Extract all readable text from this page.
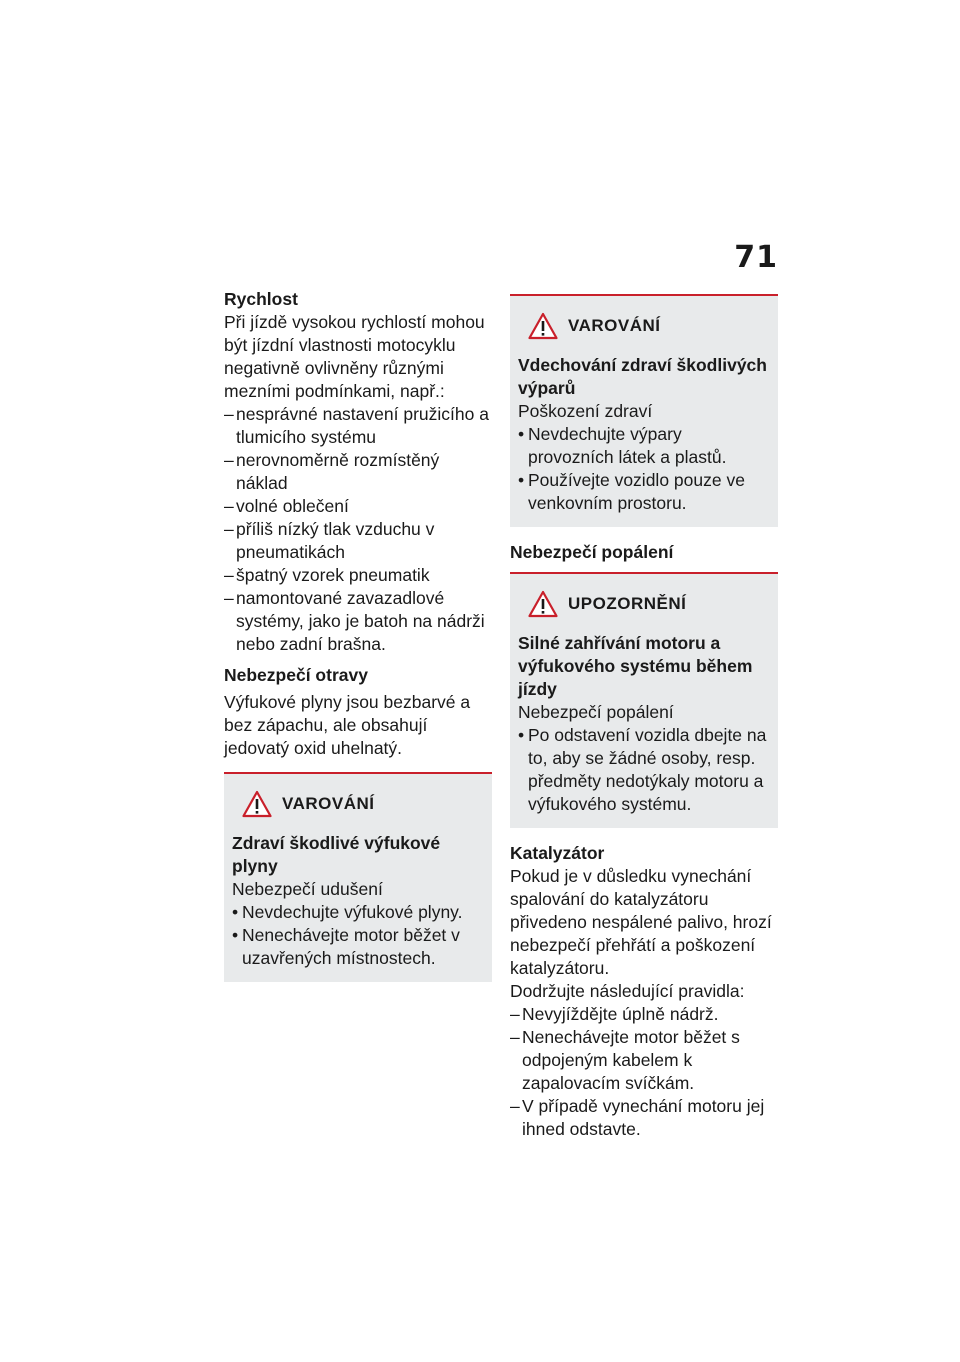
71

Rychlost

Při jízdě vysokou rychlostí mohou být jízdní vlastnosti motocyklu negativně ovlivněny různými mezními podmínkami, např.:

– nesprávné nastavení pružicího a tlumicího systému
– nerovnoměrně rozmístěný náklad
– volné oblečení
– příliš nízký tlak vzduchu v pneumatikách
– špatný vzorek pneumatik
– namontované zavazadlové systémy, jako je batoh na nádrži nebo zadní brašna.

Nebezpečí otravy

Výfukové plyny jsou bezbarvé a bez zápachu, ale obsahují jedovatý oxid uhelnatý.

VAROVÁNÍ

Zdraví škodlivé výfukové plyny

Nebezpečí udušení

• Nevdechujte výfukové plyny.
• Nenechávejte motor běžet v uzavřených místnostech.
VAROVÁNÍ

Vdechování zdraví škodlivých výparů

Poškození zdraví

• Nevdechujte výpary provozních látek a plastů.
• Používejte vozidlo pouze ve venkovním prostoru.

Nebezpečí popálení

UPOZORNĚNÍ

Silné zahřívání motoru a výfukového systému během jízdy

Nebezpečí popálení

• Po odstavení vozidla dbejte na to, aby se žádné osoby, resp. předměty nedotýkaly motoru a výfukového systému.

Katalyzátor

Pokud je v důsledku vynechání spalování do katalyzátoru přivedeno nespálené palivo, hrozí nebezpečí přehřátí a poškození katalyzátoru.

Dodržujte následující pravidla:

– Nevyjíždějte úplně nádrž.
– Nenechávejte motor běžet s odpojeným kabelem k zapalovacím svíčkám.
– V případě vynechání motoru jej ihned odstavte.
